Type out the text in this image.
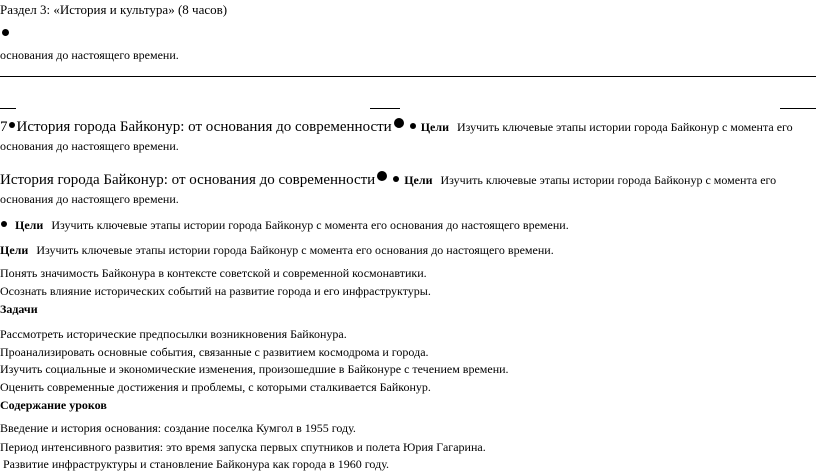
Раздел 3: «История и культура» (8 часов)
основания до настоящего времени.
7 История города Байконур: от основания до современности Цели Изучить ключевые этапы истории города Байконур с момента его
основания до настоящего времени.
История города Байконур: от основания до современности Цели Изучить ключевые этапы истории города Байконур с момента его
основания до настоящего времени.
Цели Изучить ключевые этапы истории города Байконур с момента его основания до настоящего времени.
Цели Изучить ключевые этапы истории города Байконур с момента его основания до настоящего времени.
Понять значимость Байконура в контексте советской и современной космонавтики.
Осознать влияние исторических событий на развитие города и его инфраструктуры.
Задачи
Рассмотреть исторические предпосылки возникновения Байконура.
Проанализировать основные события, связанные с развитием космодрома и города.
Изучить социальные и экономические изменения, произошедшие в Байконуре с течением времени.
Оценить современные достижения и проблемы, с которыми сталкивается Байконур.
Содержание уроков
Введение и история основания: создание поселка Кумгол в 1955 году.
Период интенсивного развития: это время запуска первых спутников и полета Юрия Гагарина.
Развитие инфраструктуры и становление Байконура как города в 1960 году.
